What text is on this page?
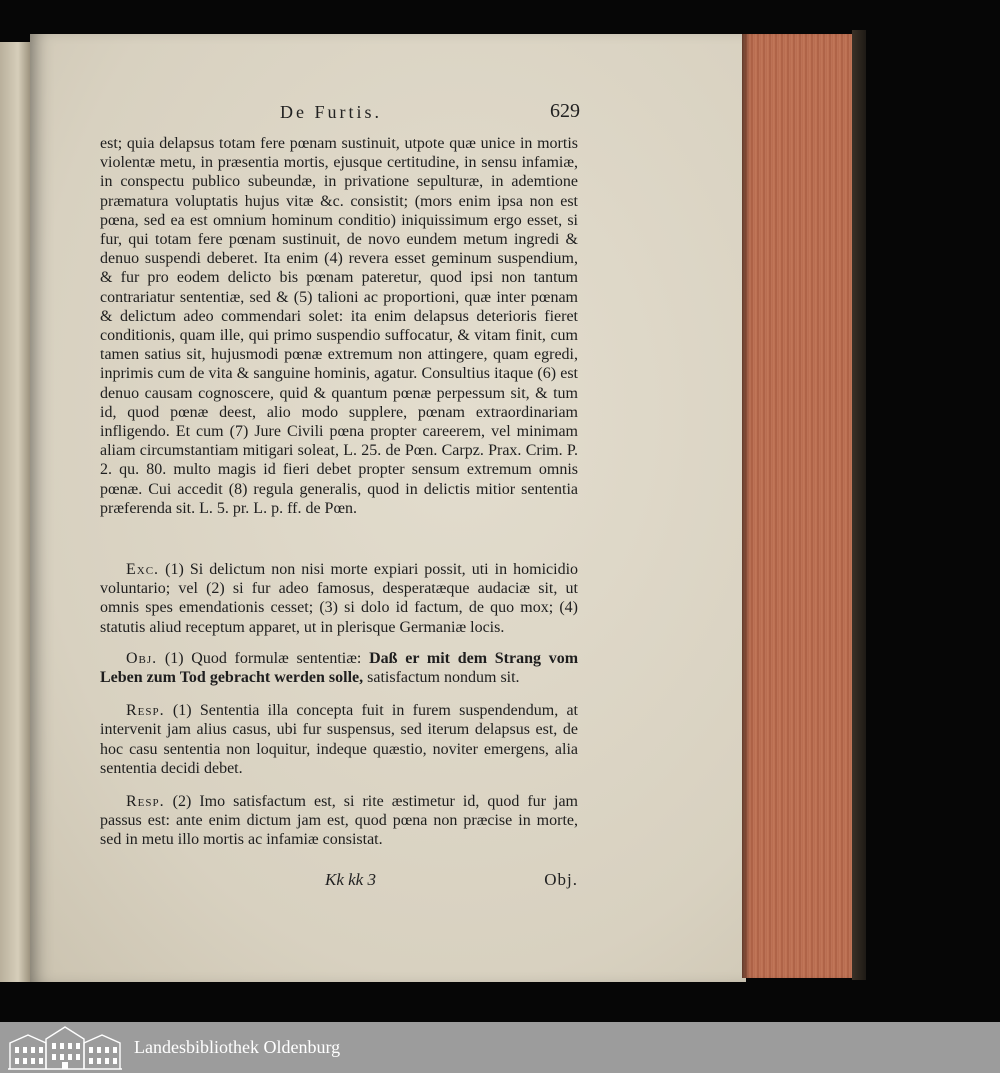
De Furtis.	629

est; quia delapsus totam fere pœnam sustinuit, utpote quæ unice in mortis violentæ metu, in præsentia mortis, ejusque certitudine, in sensu infamiæ, in conspectu publico subeundæ, in privatione sepulturæ, in ademtione præmatura voluptatis hujus vitæ &c. consistit; (mors enim ipsa non est pœna, sed ea est omnium hominum conditio) iniquissimum ergo esset, si fur, qui totam fere pœnam sustinuit, de novo eundem metum ingredi & denuo suspendi deberet. Ita enim (4) revera esset geminum suspendium, & fur pro eodem delicto bis pœnam pateretur, quod ipsi non tantum contrariatur sententiæ, sed & (5) talioni ac proportioni, quæ inter pœnam & delictum adeo commendari solet: ita enim delapsus deterioris fieret conditionis, quam ille, qui primo suspendio suffocatur, & vitam finit, cum tamen satius sit, hujusmodi pœnæ extremum non attingere, quam egredi, inprimis cum de vita & sanguine hominis, agatur. Consultius itaque (6) est denuo causam cognoscere, quid & quantum pœnæ perpessum sit, & tum id, quod pœnæ deest, alio modo supplere, pœnam extraordinariam infligendo. Et cum (7) Jure Civili pœna propter careerem, vel minimam aliam circumstantiam mitigari soleat, L. 25. de Pœn. Carpz. Prax. Crim. P. 2. qu. 80. multo magis id fieri debet propter sensum extremum omnis pœnæ. Cui accedit (8) regula generalis, quod in delictis mitior sententia præferenda sit. L. 5. pr. L. p. ff. de Pœn.

Exc. (1) Si delictum non nisi morte expiari possit, uti in homicidio voluntario; vel (2) si fur adeo famosus, desperatæque audaciæ sit, ut omnis spes emendationis cesset; (3) si dolo id factum, de quo mox; (4) statutis aliud receptum apparet, ut in plerisque Germaniæ locis.

Obj. (1) Quod formulæ sententiæ: Daß er mit dem Strang vom Leben zum Tod gebracht werden solle, satisfactum nondum sit.

Resp. (1) Sententia illa concepta fuit in furem suspendendum, at intervenit jam alius casus, ubi fur suspensus, sed iterum delapsus est, de hoc casu sententia non loquitur, indeque quæstio, noviter emergens, alia sententia decidi debet.

Resp. (2) Imo satisfactum est, si rite æstimetur id, quod fur jam passus est: ante enim dictum jam est, quod pœna non præcise in morte, sed in metu illo mortis ac infamiæ consistat.

Kk kk 3	Obj.
Landesbibliothek Oldenburg
